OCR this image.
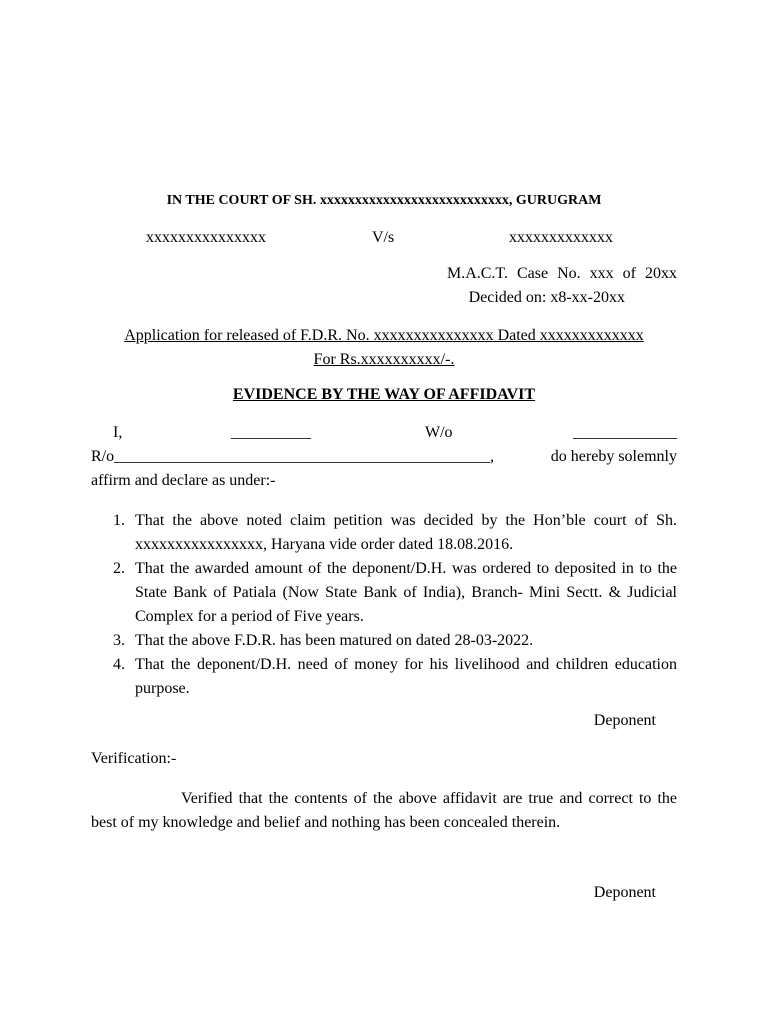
IN THE COURT OF SH. xxxxxxxxxxxxxxxxxxxxxxxxxxx, GURUGRAM
xxxxxxxxxxxxxxx	V/s	xxxxxxxxxxxxx
M.A.C.T. Case No. xxx of 20xx
Decided on: x8-xx-20xx
Application for released of F.D.R. No. xxxxxxxxxxxxxxx Dated xxxxxxxxxxxxx
For Rs.xxxxxxxxxx/-.
EVIDENCE BY THE WAY OF AFFIDAVIT
I,	__________	W/o	_____________
R/o_______________________________________________,	do hereby solemnly
affirm and declare as under:-
1. That the above noted claim petition was decided by the Hon’ble court of Sh. xxxxxxxxxxxxxxxx, Haryana vide order dated 18.08.2016.
2. That the awarded amount of the deponent/D.H. was ordered to deposited in to the State Bank of Patiala (Now State Bank of India), Branch- Mini Sectt. & Judicial Complex for a period of Five years.
3. That the above F.D.R. has been matured on dated 28-03-2022.
4. That the deponent/D.H. need of money for his livelihood and children education purpose.
Deponent
Verification:-

Verified that the contents of the above affidavit are true and correct to the best of my knowledge and belief and nothing has been concealed therein.

Deponent
